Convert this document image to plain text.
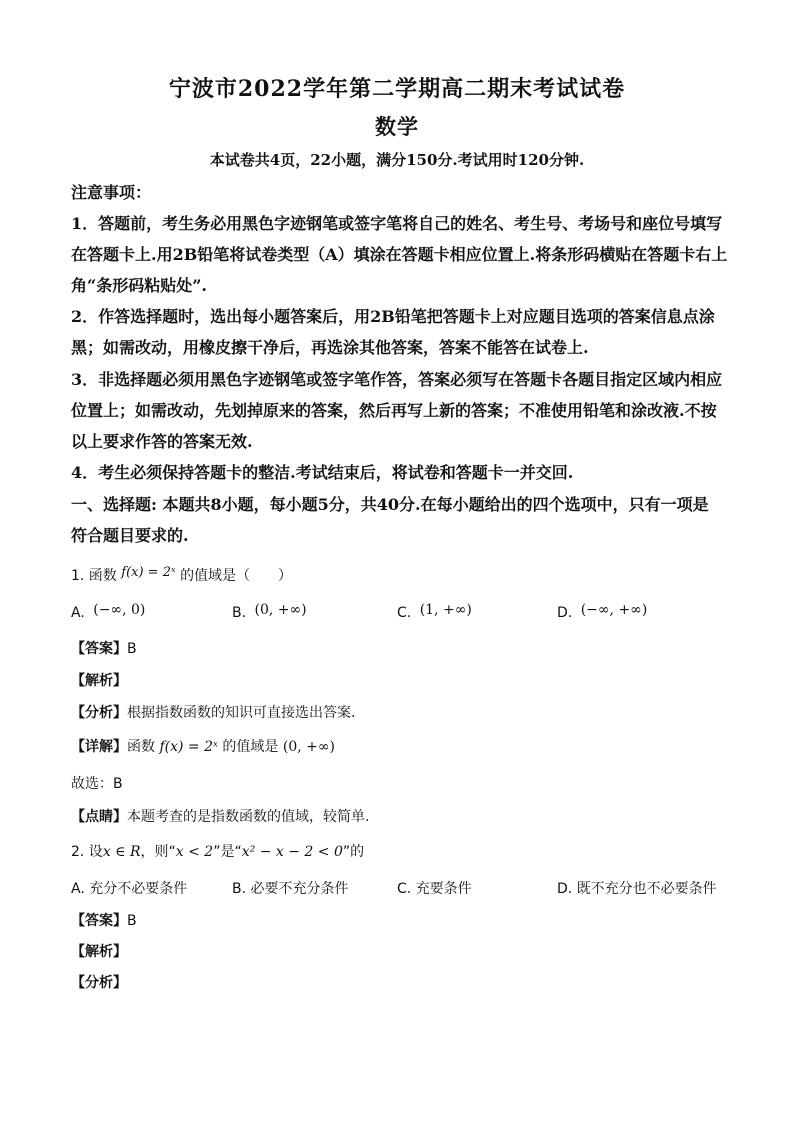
宁波市2022学年第二学期高二期末考试试卷
数学
本试卷共4页，22小题，满分150分.考试用时120分钟.
注意事项：
1．答题前，考生务必用黑色字迹钢笔或签字笔将自己的姓名、考生号、考场号和座位号填写
在答题卡上.用2B铅笔将试卷类型（A）填涂在答题卡相应位置上.将条形码横贴在答题卡右上
角“条形码粘贴处”.
2．作答选择题时，选出每小题答案后，用2B铅笔把答题卡上对应题目选项的答案信息点涂
黑；如需改动，用橡皮擦干净后，再选涂其他答案，答案不能答在试卷上.
3．非选择题必须用黑色字迹钢笔或签字笔作答，答案必须写在答题卡各题目指定区域内相应
位置上；如需改动，先划掉原来的答案，然后再写上新的答案；不准使用铅笔和涂改液.不按
以上要求作答的答案无效.
4．考生必须保持答题卡的整洁.考试结束后，将试卷和答题卡一并交回.
一、选择题: 本题共8小题，每小题5分，共40分.在每小题给出的四个选项中，只有一项是
符合题目要求的.
1. 函数 f(x) = 2ˣ 的值域是（　　）
A. (−∞, 0)	B. (0, +∞)	C. (1, +∞)	D. (−∞, +∞)
【答案】B
【解析】
【分析】根据指数函数的知识可直接选出答案.
【详解】函数 f(x) = 2ˣ 的值域是 (0, +∞)
故选：B
【点睛】本题考查的是指数函数的值域，较简单.
2. 设x ∈ R，则“x < 2”是“x² − x − 2 < 0”的
A. 充分不必要条件	B. 必要不充分条件	C. 充要条件	D. 既不充分也不必要条件
【答案】B
【解析】
【分析】
